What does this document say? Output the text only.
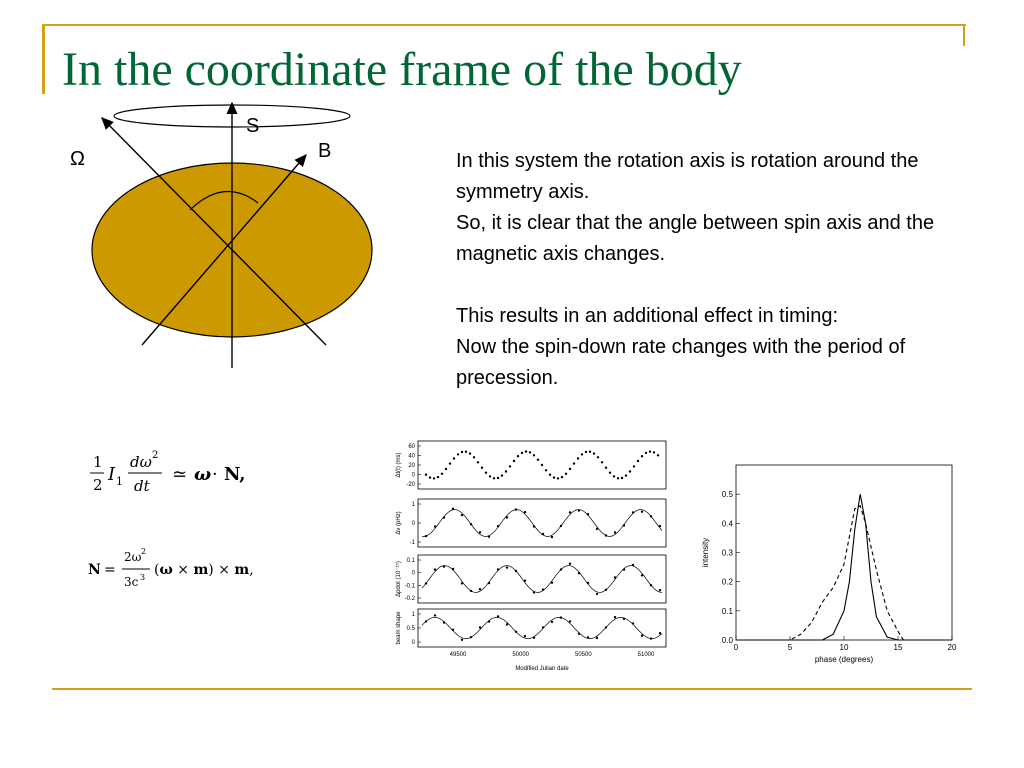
In the coordinate frame of the body
S
B
Ω	In this system the rotation axis is rotation around the symmetry axis.

So, it is clear that the angle between spin axis and the magnetic axis changes.

This results in an additional effect in timing:

Now the spin-down rate changes with the period of precession.

1
2 I 1
dω 2
dt
≃ ω · N,
N =
2ω 2
3c 3 (ω × m) × m,
60
40
20
0
-20
Δt(t) (ms)
1
0
-1
Δν (pHz)
0.1
0
-0.1
-0.2
Δpdot (10⁻¹⁵)
1
0.5
0
beam shape
49500	50000	50500	51000
Modified Julian date
0	5	10	15	20
0.0
0.1
0.2
0.3
0.4
0.5
phase (degrees)
intensity
